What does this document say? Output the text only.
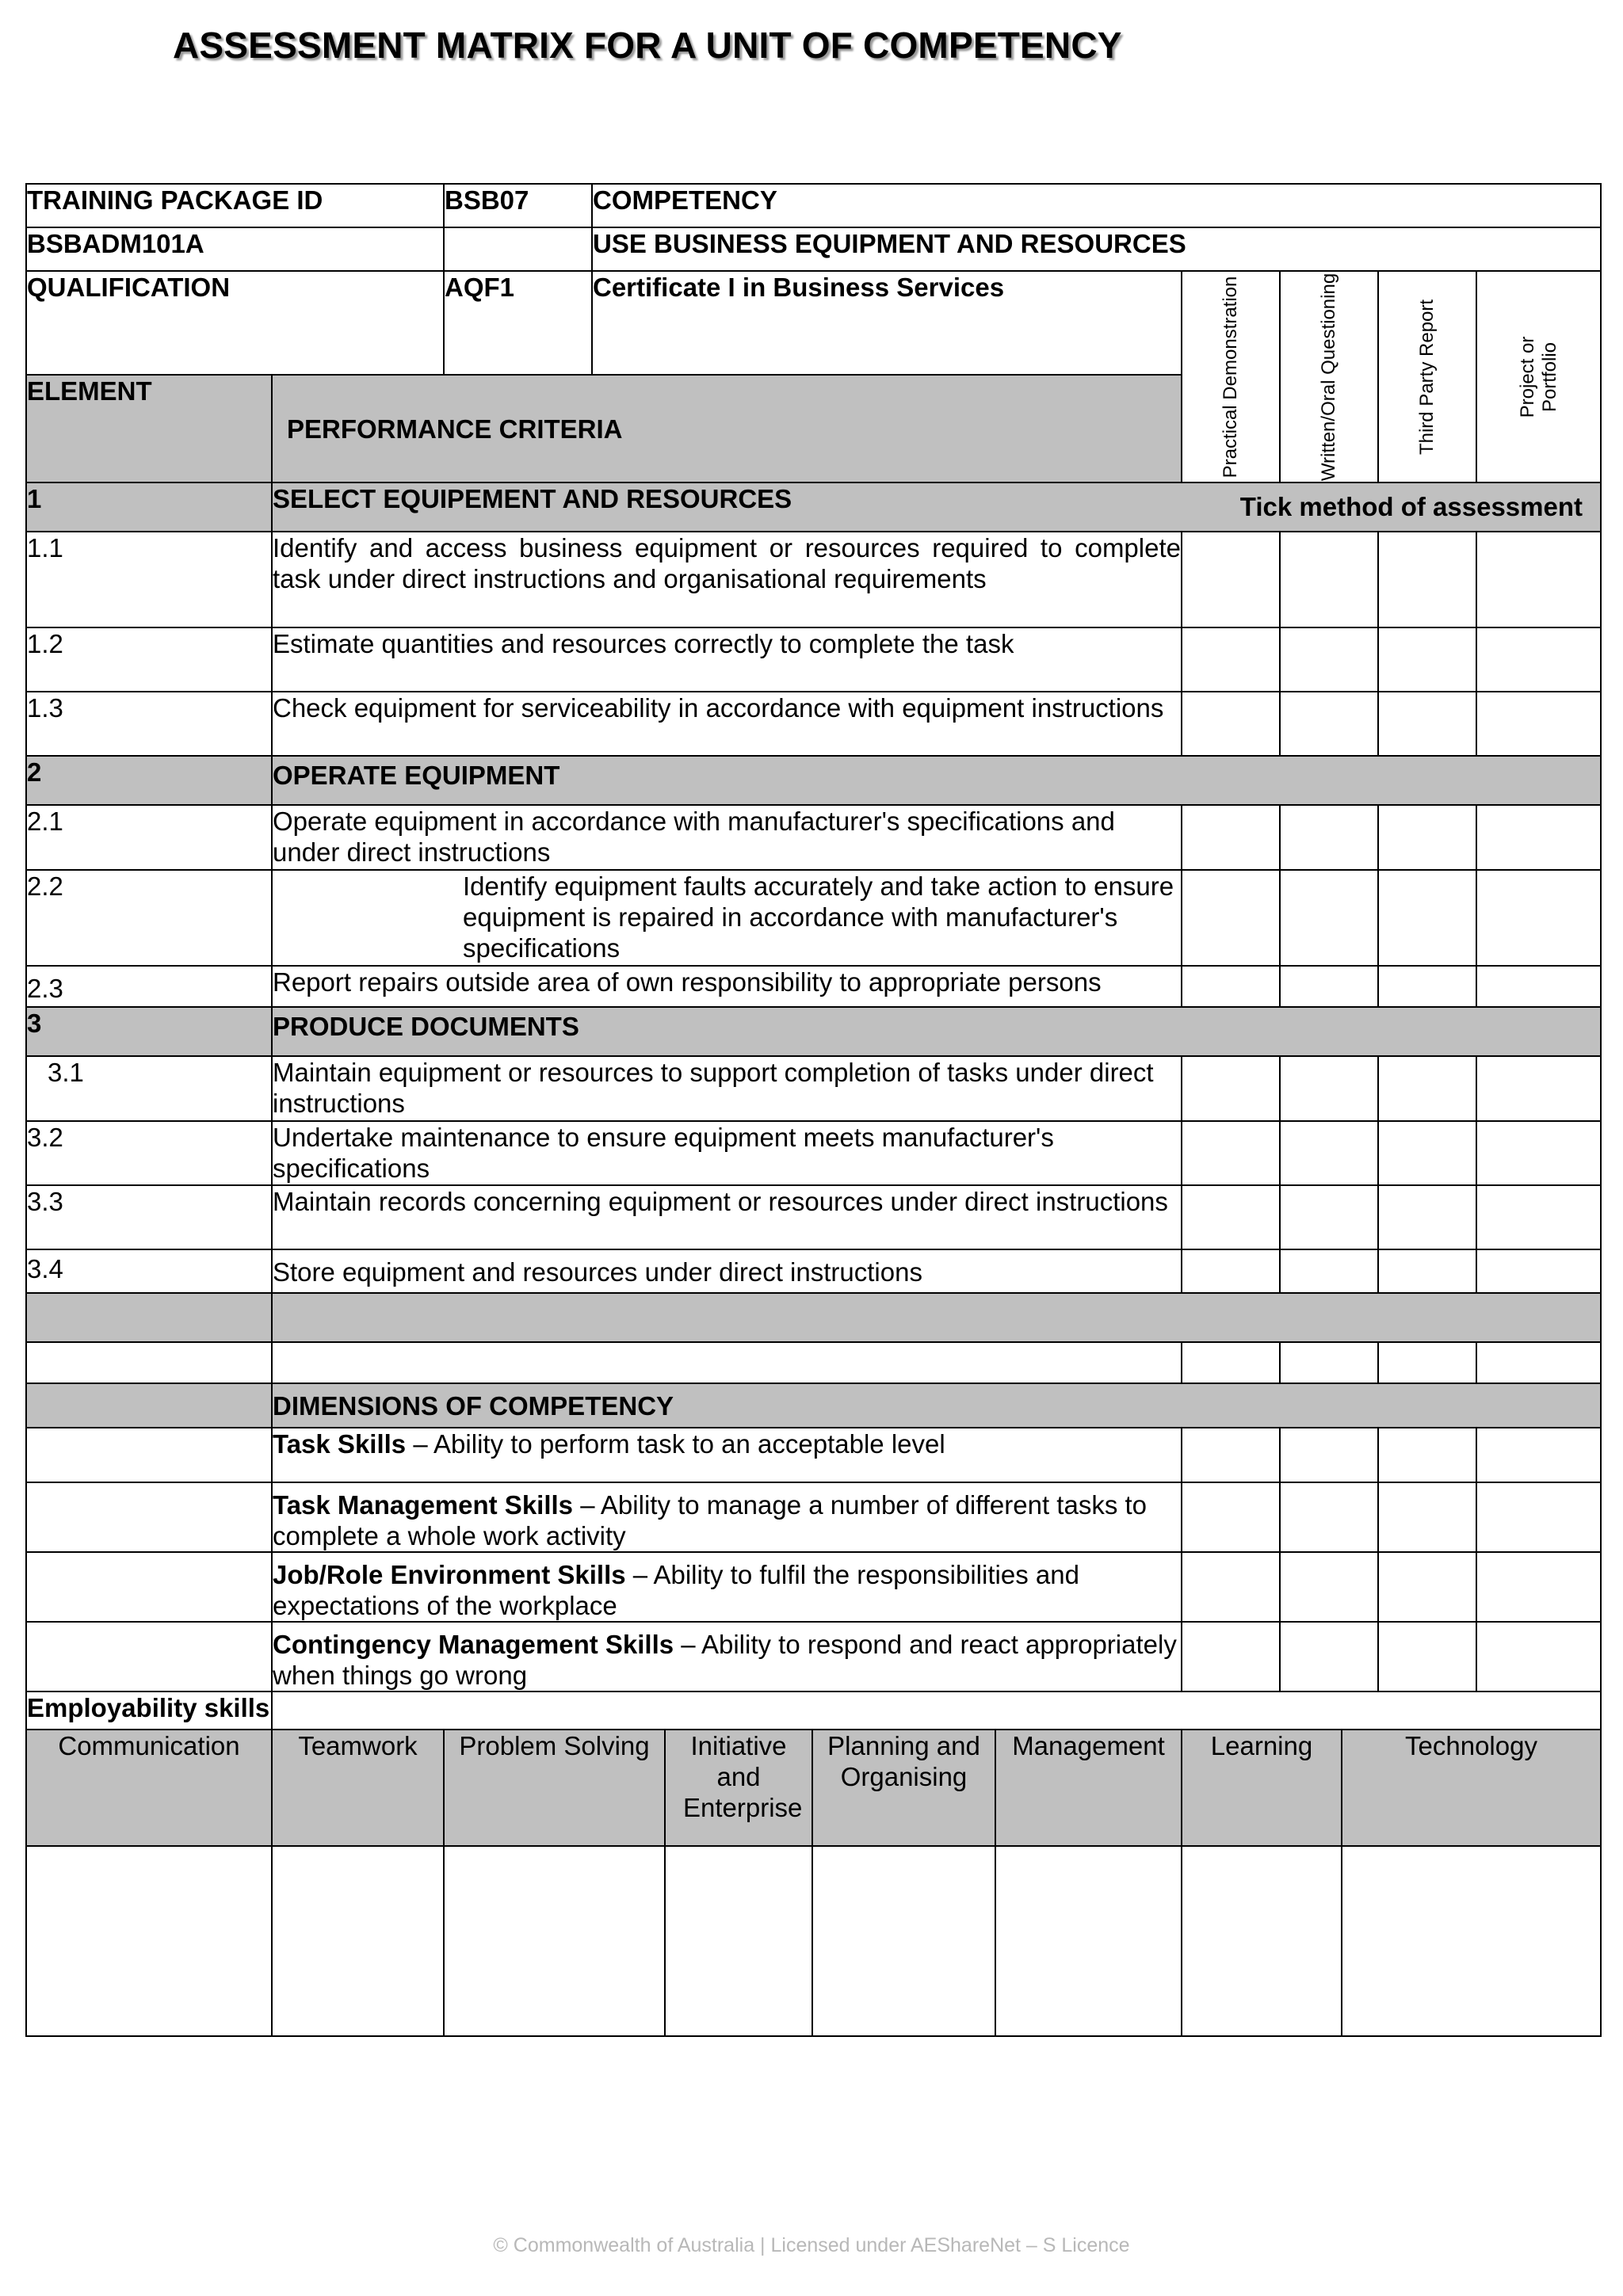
ASSESSMENT MATRIX FOR A UNIT OF COMPETENCY
TRAINING PACKAGE ID		BSB07	COMPETENCY				
BSBADM101A			USE BUSINESS EQUIPMENT AND RESOURCES				
QUALIFICATION		AQF1	Certificate I in Business Services	Practical Demonstration	Written/Oral Questioning	Third Party Report	Project or Portfolio

ELEMENT	PERFORMANCE CRITERIA						
1	SELECT EQUIPEMENT AND RESOURCES Tick method of assessment						

1.1	Identify and access business equipment or resources required to complete task under direct instructions and organisational requirements						
1.2	Estimate quantities and resources correctly to complete the task						
1.3	Check equipment for serviceability in accordance with equipment instructions						
2	OPERATE EQUIPMENT						
2.1	Operate equipment in accordance with manufacturer's specifications and under direct instructions						
2.2	Identify equipment faults accurately and take action to ensure equipment is repaired in accordance with manufacturer's specifications						
2.3	Report repairs outside area of own responsibility to appropriate persons						
3	PRODUCE DOCUMENTS						
3.1	Maintain equipment or resources to support completion of tasks under direct instructions						
3.2	Undertake maintenance to ensure equipment meets manufacturer's specifications						
3.3	Maintain records concerning equipment or resources under direct instructions						
3.4	Store equipment and resources under direct instructions						

	DIMENSIONS OF COMPETENCY						
	Task Skills – Ability to perform task to an acceptable level						
	Task Management Skills – Ability to manage a number of different tasks to complete a whole work activity						
	Job/Role Environment Skills – Ability to fulfil the responsibilities and expectations of the workplace						
	Contingency Management Skills – Ability to respond and react appropriately when things go wrong						
Employability skills							
Communication	Teamwork	Problem Solving	Initiative and Enterprise	Planning and Organising	Management	Learning	Technology

© Commonwealth of Australia | Licensed under AEShareNet – S Licence
